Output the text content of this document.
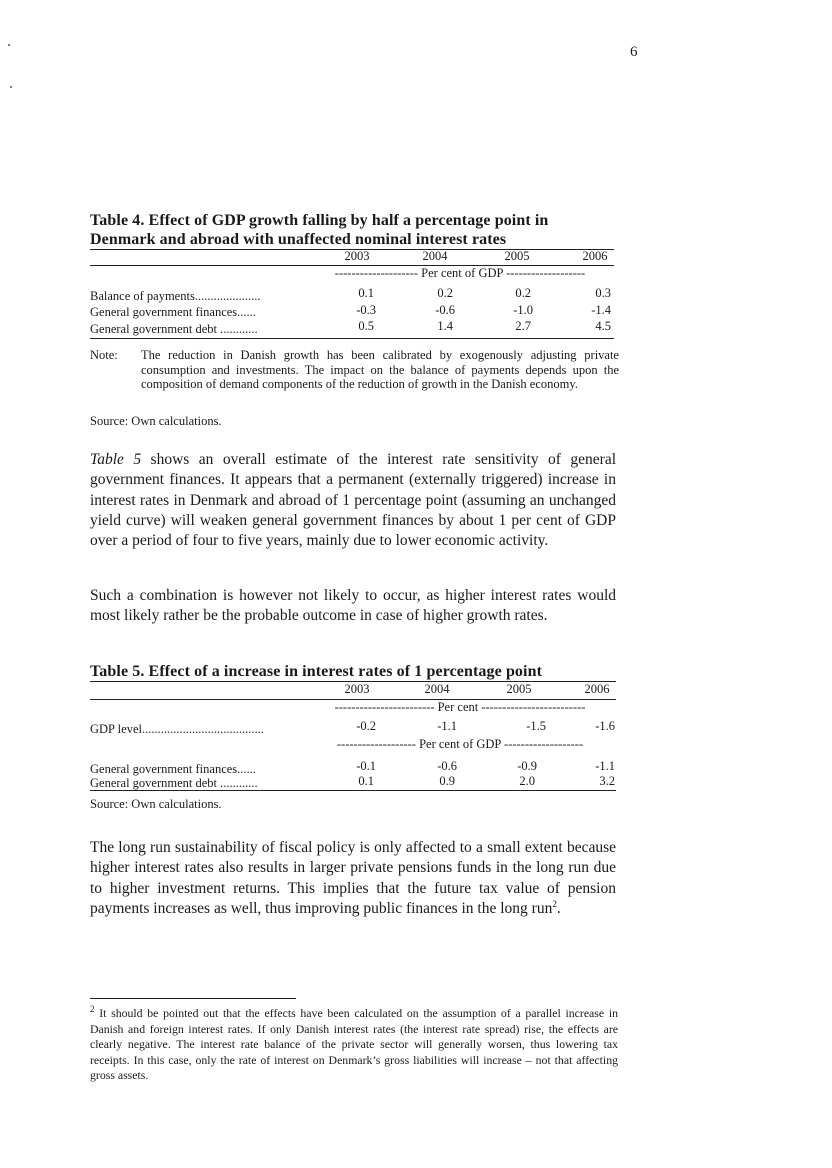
6
Table 4. Effect of GDP growth falling by half a percentage point in
Denmark and abroad with unaffected nominal interest rates
2003	2004	2005	2006
-------------------- Per cent of GDP -------------------
Balance of payments.....................	0.1	0.2	0.2	0.3
General government finances......	-0.3	-0.6	-1.0	-1.4
General government debt ............	0.5	1.4	2.7	4.5
Note: The reduction in Danish growth has been calibrated by exogenously adjusting private consumption and investments. The impact on the balance of payments depends upon the composition of demand components of the reduction of growth in the Danish economy.
Source: Own calculations.
Table 5 shows an overall estimate of the interest rate sensitivity of general government finances. It appears that a permanent (externally triggered) increase in interest rates in Denmark and abroad of 1 percentage point (assuming an unchanged yield curve) will weaken general government finances by about 1 per cent of GDP over a period of four to five years, mainly due to lower economic activity.
Such a combination is however not likely to occur, as higher interest rates would most likely rather be the probable outcome in case of higher growth rates.
Table 5. Effect of a increase in interest rates of 1 percentage point
2003	2004	2005	2006
------------------------ Per cent -------------------------
GDP level.......................................	-0.2	-1.1	-1.5	-1.6
------------------- Per cent of GDP -------------------
General government finances......	-0.1	-0.6	-0.9	-1.1
General government debt ............	0.1	0.9	2.0	3.2
Source: Own calculations.
The long run sustainability of fiscal policy is only affected to a small extent because higher interest rates also results in larger private pensions funds in the long run due to higher investment returns. This implies that the future tax value of pension payments increases as well, thus improving public finances in the long run$^2$.
$^2$ It should be pointed out that the effects have been calculated on the assumption of a parallel increase in Danish and foreign interest rates. If only Danish interest rates (the interest rate spread) rise, the effects are clearly negative. The interest rate balance of the private sector will generally worsen, thus lowering tax receipts. In this case, only the rate of interest on Denmark’s gross liabilities will increase – not that affecting gross assets.
